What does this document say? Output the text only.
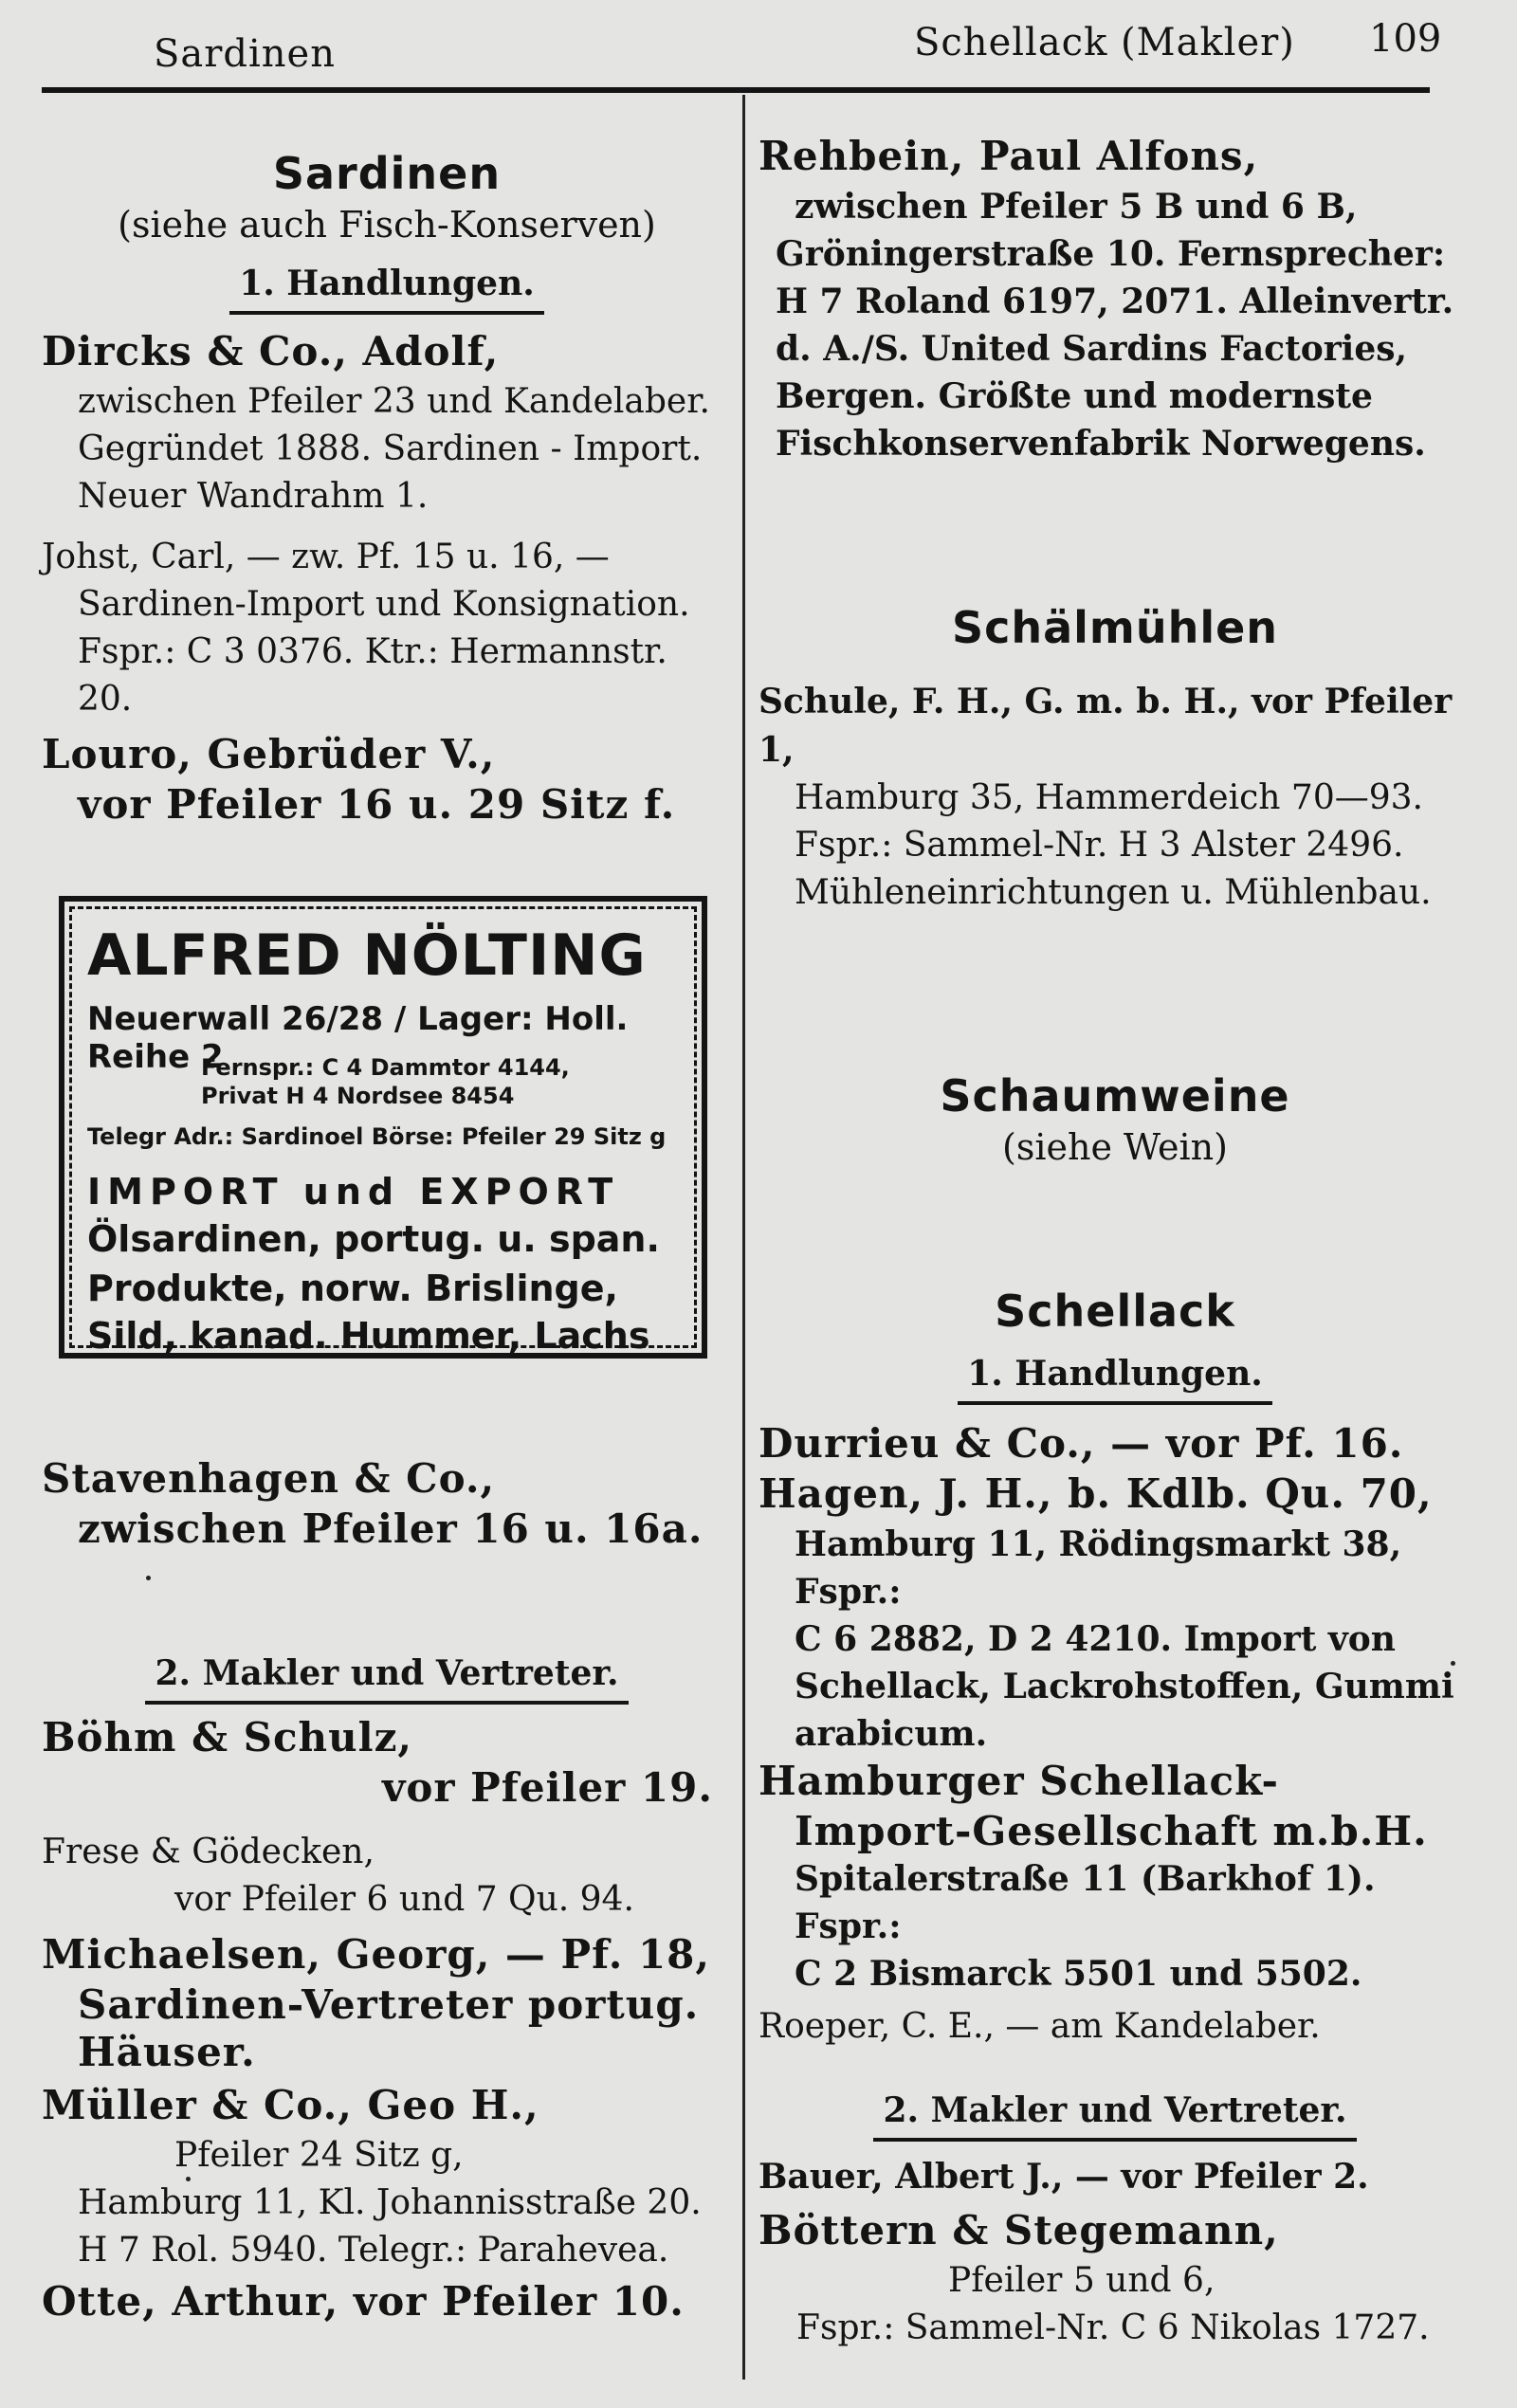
Sardinen	Schellack (Makler) 109
Sardinen

(siehe auch Fisch-Konserven)

1. Handlungen.

Dircks & Co., Adolf,
zwischen Pfeiler 23 und Kandelaber.
Gegründet 1888. Sardinen - Import.
Neuer Wandrahm 1.
Johst, Carl, — zw. Pf. 15 u. 16, —
Sardinen-Import und Konsignation.
Fspr.: C 3 0376. Ktr.: Hermannstr. 20.
Louro, Gebrüder V.,
vor Pfeiler 16 u. 29 Sitz f.
ALFRED NÖLTING
Neuerwall 26/28 / Lager: Holl. Reihe 2
Fernspr.: C 4 Dammtor 4144,
Privat H 4 Nordsee 8454
Telegr Adr.: Sardinoel Börse: Pfeiler 29 Sitz g
IMPORT und EXPORT
Ölsardinen, portug. u. span.
Produkte, norw. Brislinge,
Sild, kanad. Hummer, Lachs
Stavenhagen & Co.,
zwischen Pfeiler 16 u. 16a.

2. Makler und Vertreter.

Böhm & Schulz,
vor Pfeiler 19.
Frese & Gödecken,
vor Pfeiler 6 und 7 Qu. 94.
Michaelsen, Georg, — Pf. 18,
Sardinen-Vertreter portug.
Häuser.
Müller & Co., Geo H.,
Pfeiler 24 Sitz g,
Hamburg 11, Kl. Johannisstraße 20.
H 7 Rol. 5940. Telegr.: Parahevea.
Otte, Arthur, vor Pfeiler 10.
Rehbein, Paul Alfons,
zwischen Pfeiler 5 B und 6 B,
Gröningerstraße 10. Fernsprecher:
H 7 Roland 6197, 2071. Alleinvertr.
d. A./S. United Sardins Factories,
Bergen. Größte und modernste
Fischkonservenfabrik Norwegens.
Schälmühlen
Schule, F. H., G. m. b. H., vor Pfeiler 1,
Hamburg 35, Hammerdeich 70—93.
Fspr.: Sammel-Nr. H 3 Alster 2496.
Mühleneinrichtungen u. Mühlenbau.
Schaumweine

(siehe Wein)

Schellack

1. Handlungen.

Durrieu & Co., — vor Pf. 16.
Hagen, J. H., b. Kdlb. Qu. 70,
Hamburg 11, Rödingsmarkt 38, Fspr.:
C 6 2882, D 2 4210. Import von
Schellack, Lackrohstoffen, Gummi
arabicum.
Hamburger Schellack-
Import-Gesellschaft m.b.H.
Spitalerstraße 11 (Barkhof 1). Fspr.:
C 2 Bismarck 5501 und 5502.
Roeper, C. E., — am Kandelaber.

2. Makler und Vertreter.

Bauer, Albert J., — vor Pfeiler 2.
Böttern & Stegemann,
Pfeiler 5 und 6,
Fspr.: Sammel-Nr. C 6 Nikolas 1727.
